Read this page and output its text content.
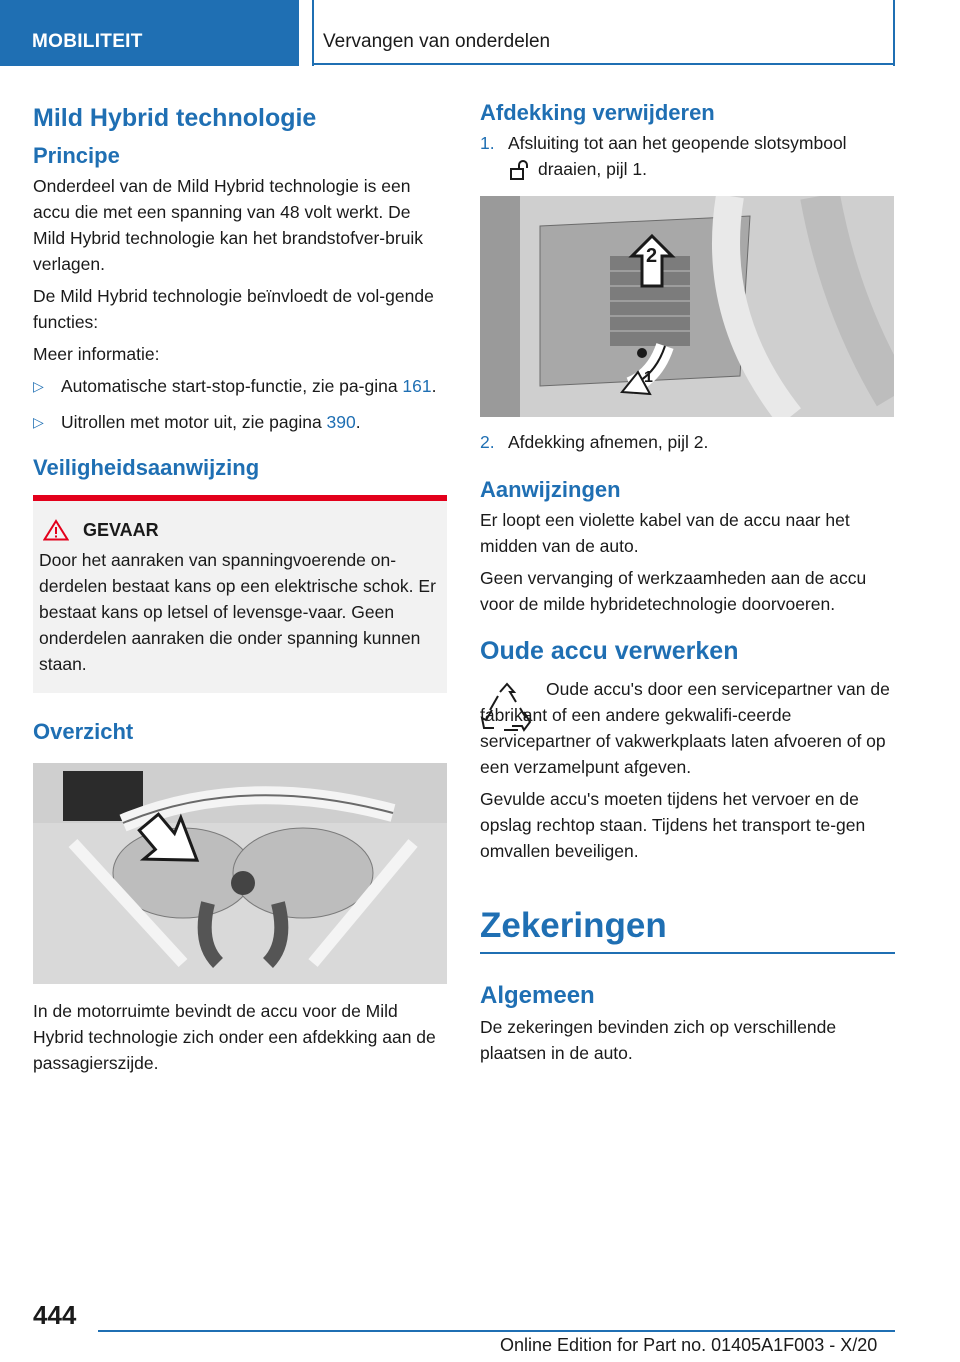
MOBILITEIT	Vervangen van onderdelen
Mild Hybrid technologie
Principe

Onderdeel van de Mild Hybrid technologie is een accu die met een spanning van 48 volt werkt. De Mild Hybrid technologie kan het brandstofver-bruik verlagen.

De Mild Hybrid technologie beïnvloedt de vol-gende functies:

Meer informatie:

▷ Automatische start-stop-functie, zie pa-gina 161.
▷ Uitrollen met motor uit, zie pagina 390.
Veiligheidsaanwijzing
GEVAAR

Door het aanraken van spanningvoerende on-derdelen bestaat kans op een elektrische schok. Er bestaat kans op letsel of levensge-vaar. Geen onderdelen aanraken die onder spanning kunnen staan.

Overzicht

In de motorruimte bevindt de accu voor de Mild Hybrid technologie zich onder een afdekking aan de passagierszijde.

Afdekking verwijderen
1. Afsluiting tot aan het geopende slotsymbool
draaien, pijl 1.
2
1
2. Afdekking afnemen, pijl 2.
Aanwijzingen

Er loopt een violette kabel van de accu naar het midden van de auto.

Geen vervanging of werkzaamheden aan de accu voor de milde hybridetechnologie doorvoeren.

Oude accu verwerken

Oude accu's door een servicepartner van de fabrikant of een andere gekwalifi-ceerde servicepartner of vakwerkplaats laten afvoeren of op een verzamelpunt afgeven.

Gevulde accu's moeten tijdens het vervoer en de opslag rechtop staan. Tijdens het transport te-gen omvallen beveiligen.

Zekeringen
Algemeen

De zekeringen bevinden zich op verschillende plaatsen in de auto.

444
Online Edition for Part no. 01405A1F003 - X/20
